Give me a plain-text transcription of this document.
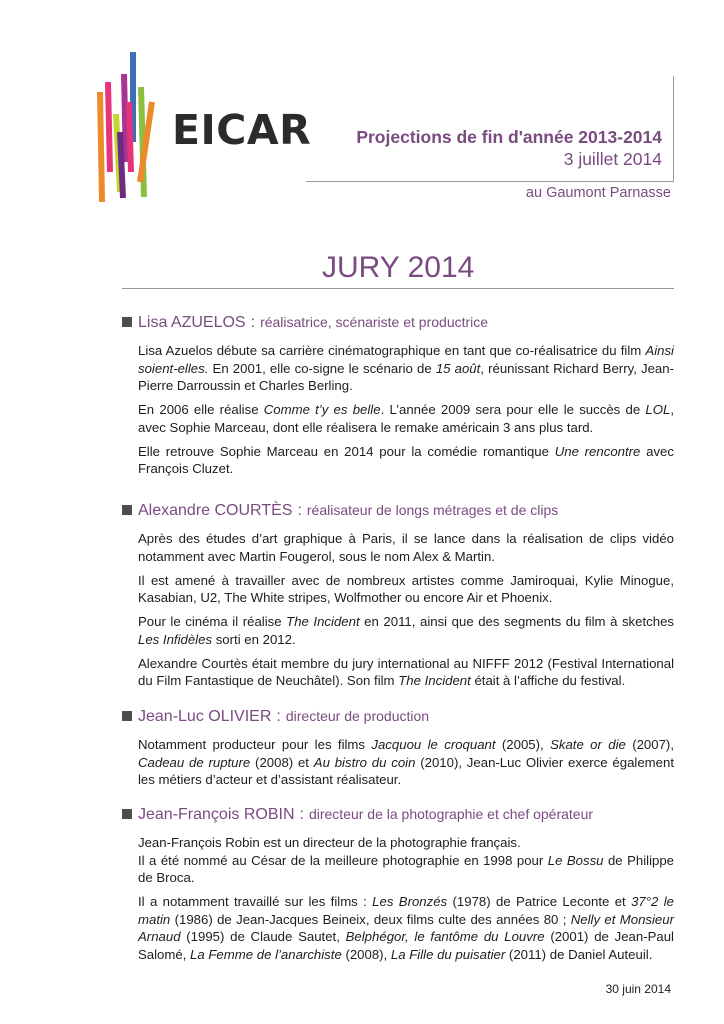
EICAR	Projections de fin d'année 2013-2014
3 juillet 2014
au Gaumont Parnasse
JURY 2014
Lisa AZUELOS : réalisatrice, scénariste et productrice

Lisa Azuelos débute sa carrière cinématographique en tant que co-réalisatrice du film Ainsi soient-elles. En 2001, elle co-signe le scénario de 15 août, réunissant Richard Berry, Jean-Pierre Darroussin et Charles Berling.

En 2006 elle réalise Comme t’y es belle. L’année 2009 sera pour elle le succès de LOL, avec Sophie Marceau, dont elle réalisera le remake américain 3 ans plus tard.

Elle retrouve Sophie Marceau en 2014 pour la comédie romantique Une rencontre avec François Cluzet.

Alexandre COURTÈS : réalisateur de longs métrages et de clips

Après des études d’art graphique à Paris, il se lance dans la réalisation de clips vidéo notamment avec Martin Fougerol, sous le nom Alex & Martin.

Il est amené à travailler avec de nombreux artistes comme Jamiroquai, Kylie Minogue, Kasabian, U2, The White stripes, Wolfmother ou encore Air et Phoenix.

Pour le cinéma il réalise The Incident en 2011, ainsi que des segments du film à sketches Les Infidèles sorti en 2012.

Alexandre Courtès était membre du jury international au NIFFF 2012 (Festival International du Film Fantastique de Neuchâtel). Son film The Incident était à l’affiche du festival.

Jean-Luc OLIVIER : directeur de production

Notamment producteur pour les films Jacquou le croquant (2005), Skate or die (2007), Cadeau de rupture (2008) et Au bistro du coin (2010), Jean-Luc Olivier exerce également les métiers d’acteur et d’assistant réalisateur.

Jean-François ROBIN : directeur de la photographie et chef opérateur

Jean-François Robin est un directeur de la photographie français.
Il a été nommé au César de la meilleure photographie en 1998 pour Le Bossu de Philippe de Broca.

Il a notamment travaillé sur les films : Les Bronzés (1978) de Patrice Leconte et 37°2 le matin (1986) de Jean-Jacques Beineix, deux films culte des années 80 ; Nelly et Monsieur Arnaud (1995) de Claude Sautet, Belphégor, le fantôme du Louvre (2001) de Jean-Paul Salomé, La Femme de l’anarchiste (2008), La Fille du puisatier (2011) de Daniel Auteuil.

30 juin 2014
